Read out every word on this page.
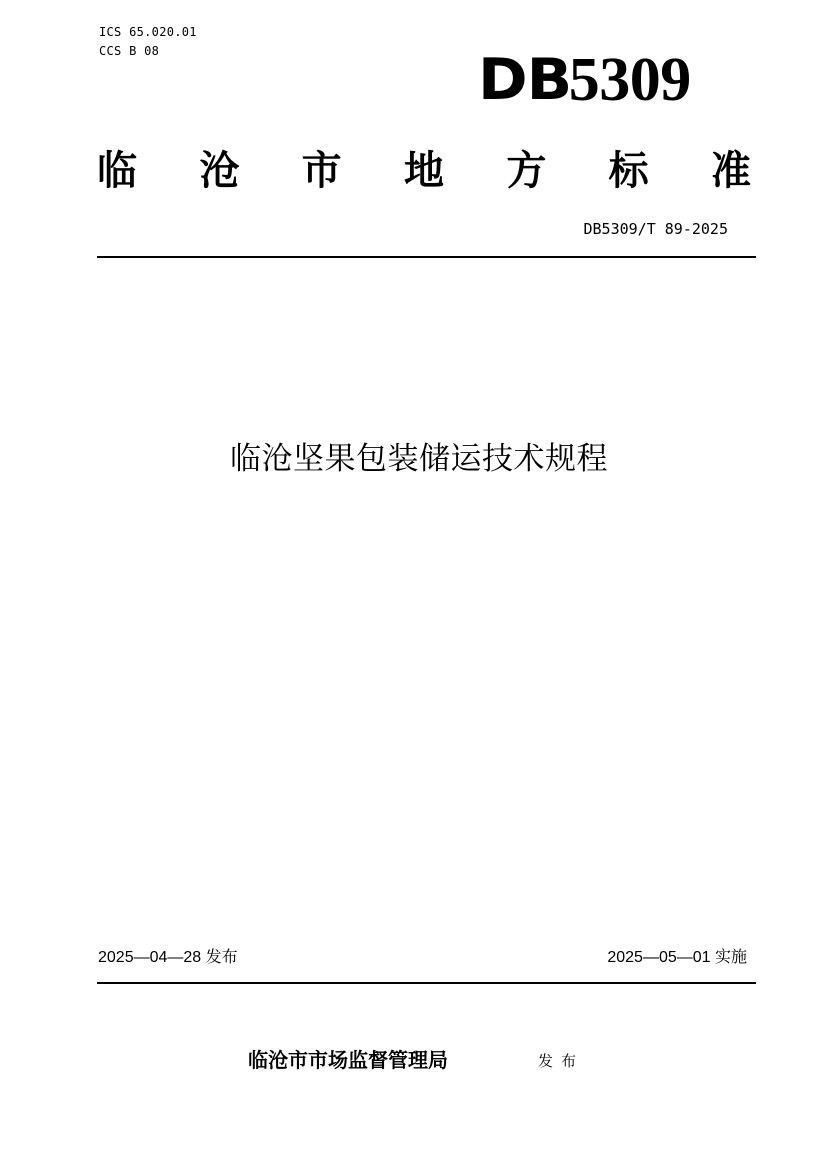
ICS 65.020.01
CCS B 08	DB
5309
临 沧 市 地 方 标 准
DB5309/T 89-2025
临沧坚果包装储运技术规程
2025—04—28 发布	2025—05—01 实施
临沧市市场监督管理局	发布
